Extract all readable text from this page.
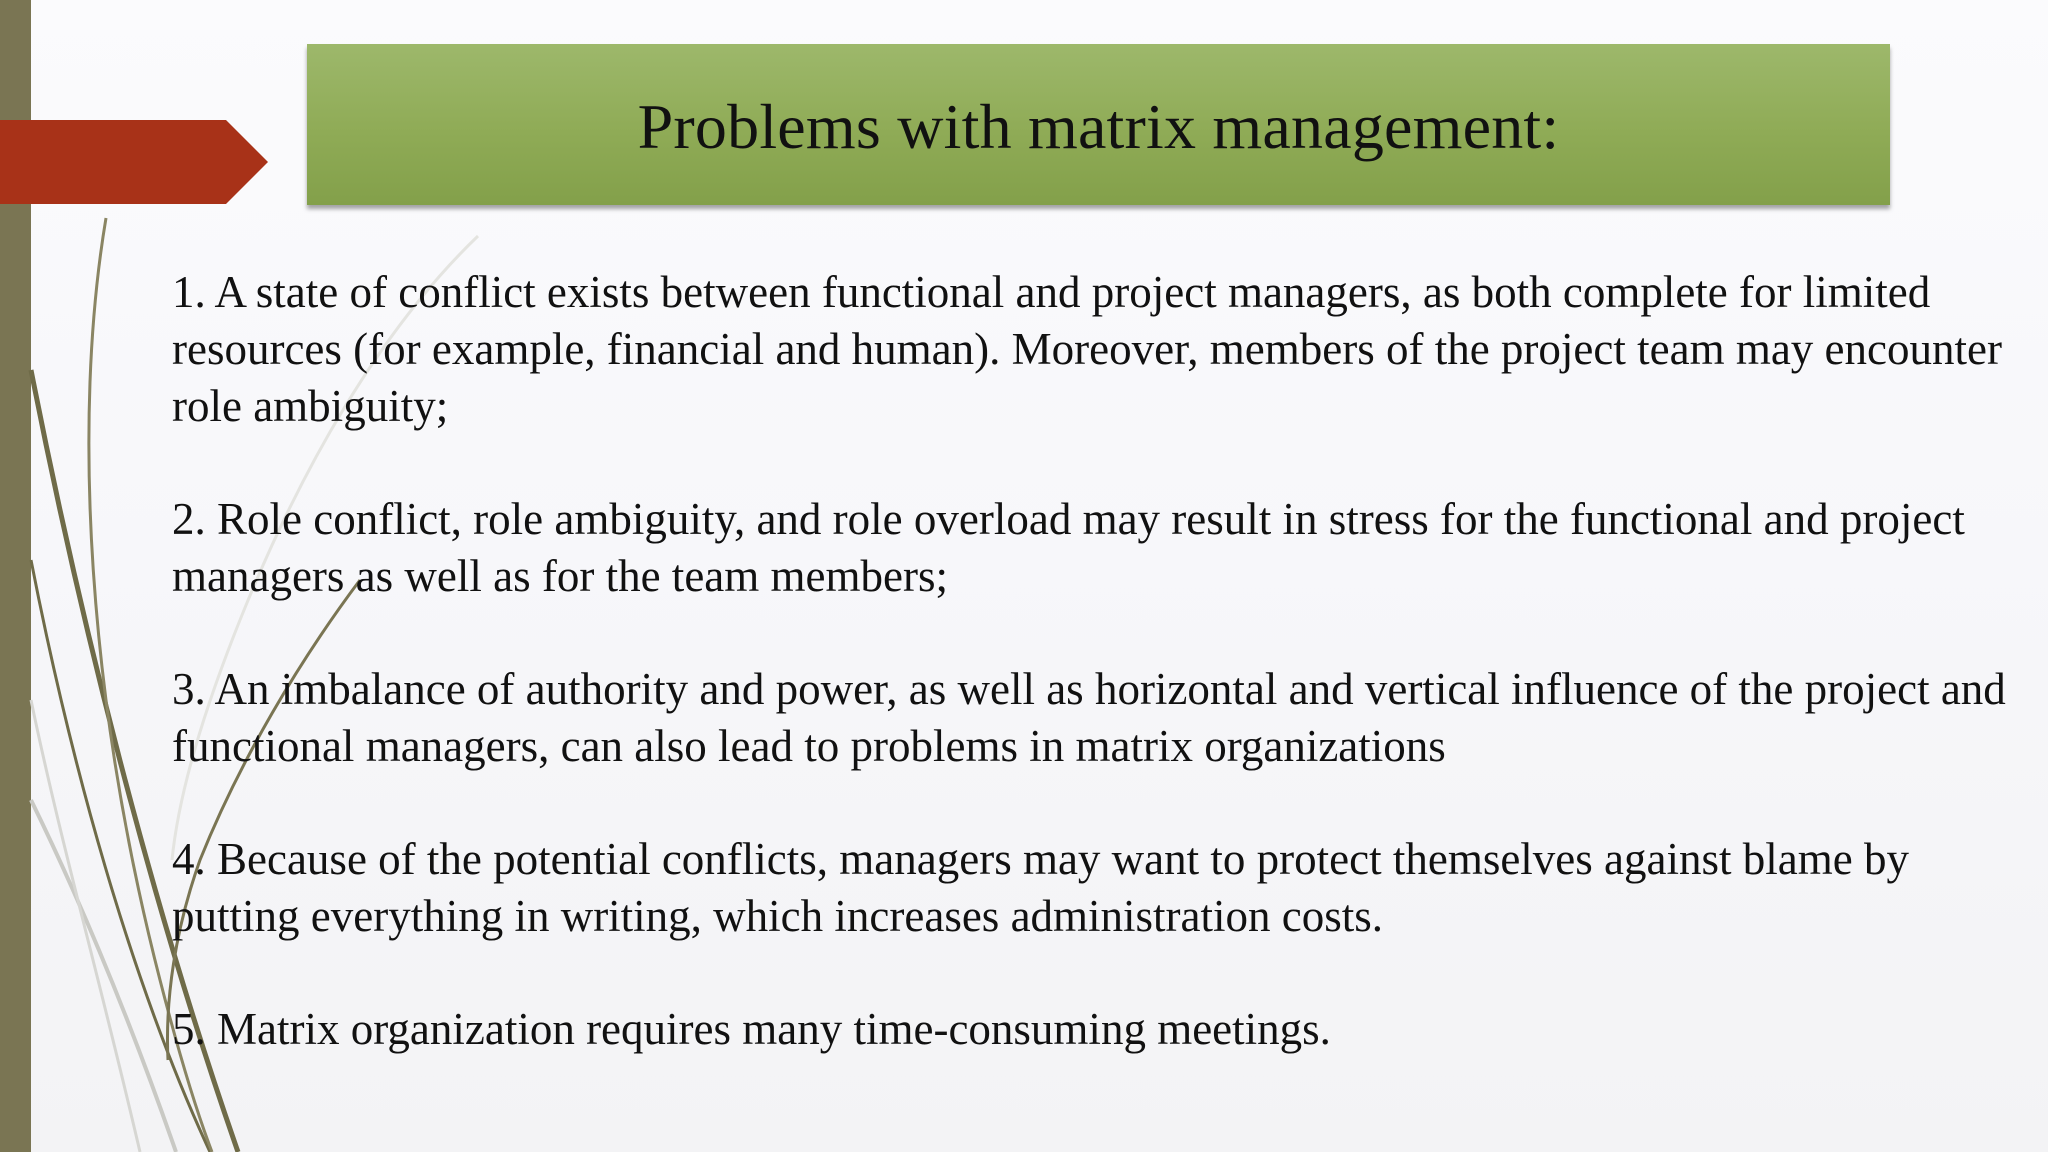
Problems with matrix management:

1. A state of conflict exists between functional and project managers, as both complete for limited resources (for example, financial and human). Moreover, members of the project team may encounter role ambiguity;

2. Role conflict, role ambiguity, and role overload may result in stress for the functional and project managers as well as for the team members;

3. An imbalance of authority and power, as well as horizontal and vertical influence of the project and functional managers, can also lead to problems in matrix organizations

4. Because of the potential conflicts, managers may want to protect themselves against blame by putting everything in writing, which increases administration costs.

5. Matrix organization requires many time-consuming meetings.
